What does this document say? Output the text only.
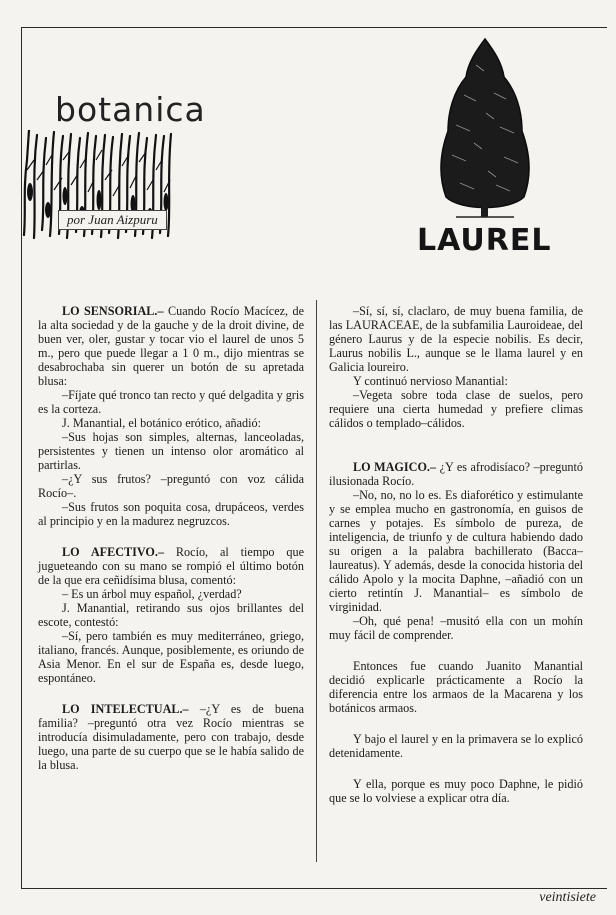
botanica
por Juan Aizpuru
LAUREL

LO SENSORIAL.– Cuando Rocío Macícez, de la alta sociedad y de la gauche y de la droit divine, de buen ver, oler, gustar y tocar vio el laurel de unos 5 m., pero que puede llegar a 1 0 m., dijo mientras se desabrochaba sin querer un botón de su apretada blusa:

–Fíjate qué tronco tan recto y qué delgadita y gris es la corteza.

J. Manantial, el botánico erótico, añadió:

–Sus hojas son simples, alternas, lanceoladas, persistentes y tienen un intenso olor aromático al partirlas.

–¿Y sus frutos? –preguntó con voz cálida Rocío–.

–Sus frutos son poquita cosa, drupáceos, verdes al principio y en la madurez negruzcos.

LO AFECTIVO.– Rocío, al tiempo que jugueteando con su mano se rompió el último botón de la que era ceñidísima blusa, comentó:

– Es un árbol muy español, ¿verdad?

J. Manantial, retirando sus ojos brillantes del escote, contestó:

–Sí, pero también es muy mediterráneo, griego, italiano, francés. Aunque, posiblemente, es oriundo de Asia Menor. En el sur de España es, desde luego, espontáneo.

LO INTELECTUAL.– –¿Y es de buena familia? –preguntó otra vez Rocío mientras se introducía disimuladamente, pero con trabajo, desde luego, una parte de su cuerpo que se le había salido de la blusa.

–Sí, sí, sí, claclaro, de muy buena familia, de las LAURACEAE, de la subfamilia Lauroideae, del género Laurus y de la especie nobilis. Es decir, Laurus nobilis L., aunque se le llama laurel y en Galicia loureiro.

Y continuó nervioso Manantial:

–Vegeta sobre toda clase de suelos, pero requiere una cierta humedad y prefiere climas cálidos o templado–cálidos.

LO MAGICO.– ¿Y es afrodisíaco? –preguntó ilusionada Rocío.

–No, no, no lo es. Es diaforético y estimulante y se emplea mucho en gastronomía, en guisos de carnes y potajes. Es símbolo de pureza, de inteligencia, de triunfo y de cultura habiendo dado su origen a la palabra bachillerato (Bacca–laureatus). Y además, desde la conocida historia del cálido Apolo y la mocita Daphne, –añadió con un cierto retintín J. Manantial– es símbolo de virginidad.

–Oh, qué pena! –musitó ella con un mohín muy fácil de comprender.

Entonces fue cuando Juanito Manantial decidió explicarle prácticamente a Rocío la diferencia entre los armaos de la Macarena y los botánicos armaos.

Y bajo el laurel y en la primavera se lo explicó detenidamente.

Y ella, porque es muy poco Daphne, le pidió que se lo volviese a explicar otra día.

veintisiete
